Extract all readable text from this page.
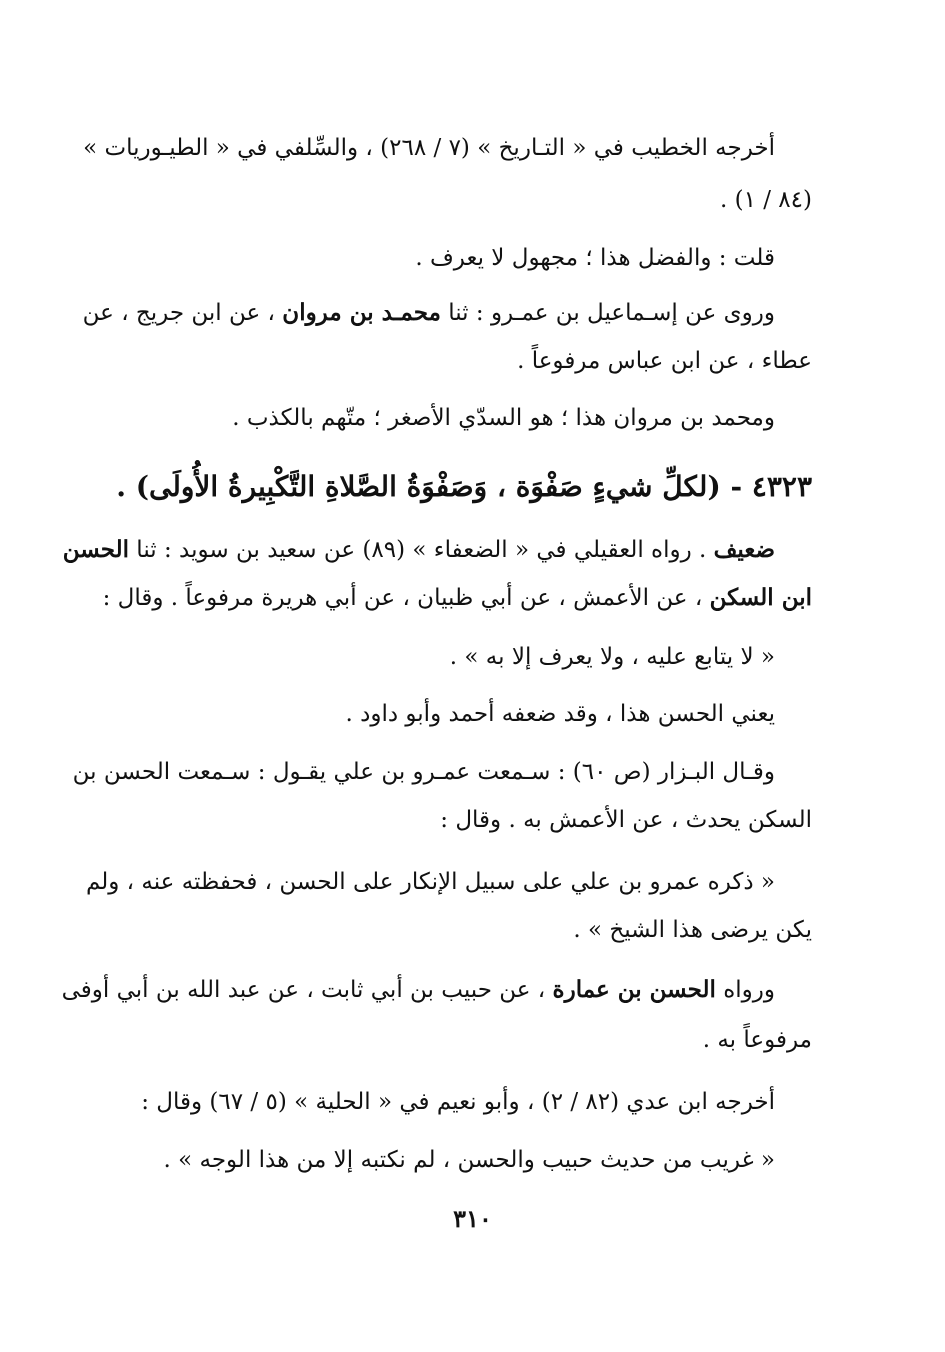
أخرجه الخطيب في « التـاريخ » (٧ / ٢٦٨) ، والسِّلفي في « الطيـوريات »
(٨٤ / ١) .
قلت : والفضل هذا ؛ مجهول لا يعرف .
وروى عن إسـماعيل بن عمـرو : ثنا محمـد بن مروان ، عن ابن جريج ، عن
عطاء ، عن ابن عباس مرفوعاً .
ومحمد بن مروان هذا ؛ هو السدّي الأصغر ؛ متّهم بالكذب .
٤٣٢٣ - (لكلِّ شيءٍ صَفْوَة ، وَصَفْوَةُ الصَّلاةِ التَّكْبِيرةُ الأُولَى) .
ضعيف . رواه العقيلي في « الضعفاء » (٨٩) عن سعيد بن سويد : ثنا الحسن
ابن السكن ، عن الأعمش ، عن أبي ظبيان ، عن أبي هريرة مرفوعاً . وقال :
« لا يتابع عليه ، ولا يعرف إلا به » .
يعني الحسن هذا ، وقد ضعفه أحمد وأبو داود .
وقـال البـزار (ص ٦٠) : سـمعت عمـرو بن علي يقـول : سـمعت الحسن بن
السكن يحدث ، عن الأعمش به . وقال :
« ذكره عمرو بن علي على سبيل الإنكار على الحسن ، فحفظته عنه ، ولم
يكن يرضى هذا الشيخ » .
ورواه الحسن بن عمارة ، عن حبيب بن أبي ثابت ، عن عبد الله بن أبي أوفى
مرفوعاً به .
أخرجه ابن عدي (٨٢ / ٢) ، وأبو نعيم في « الحلية » (٥ / ٦٧) وقال :
« غريب من حديث حبيب والحسن ، لم نكتبه إلا من هذا الوجه » .
٣١٠
